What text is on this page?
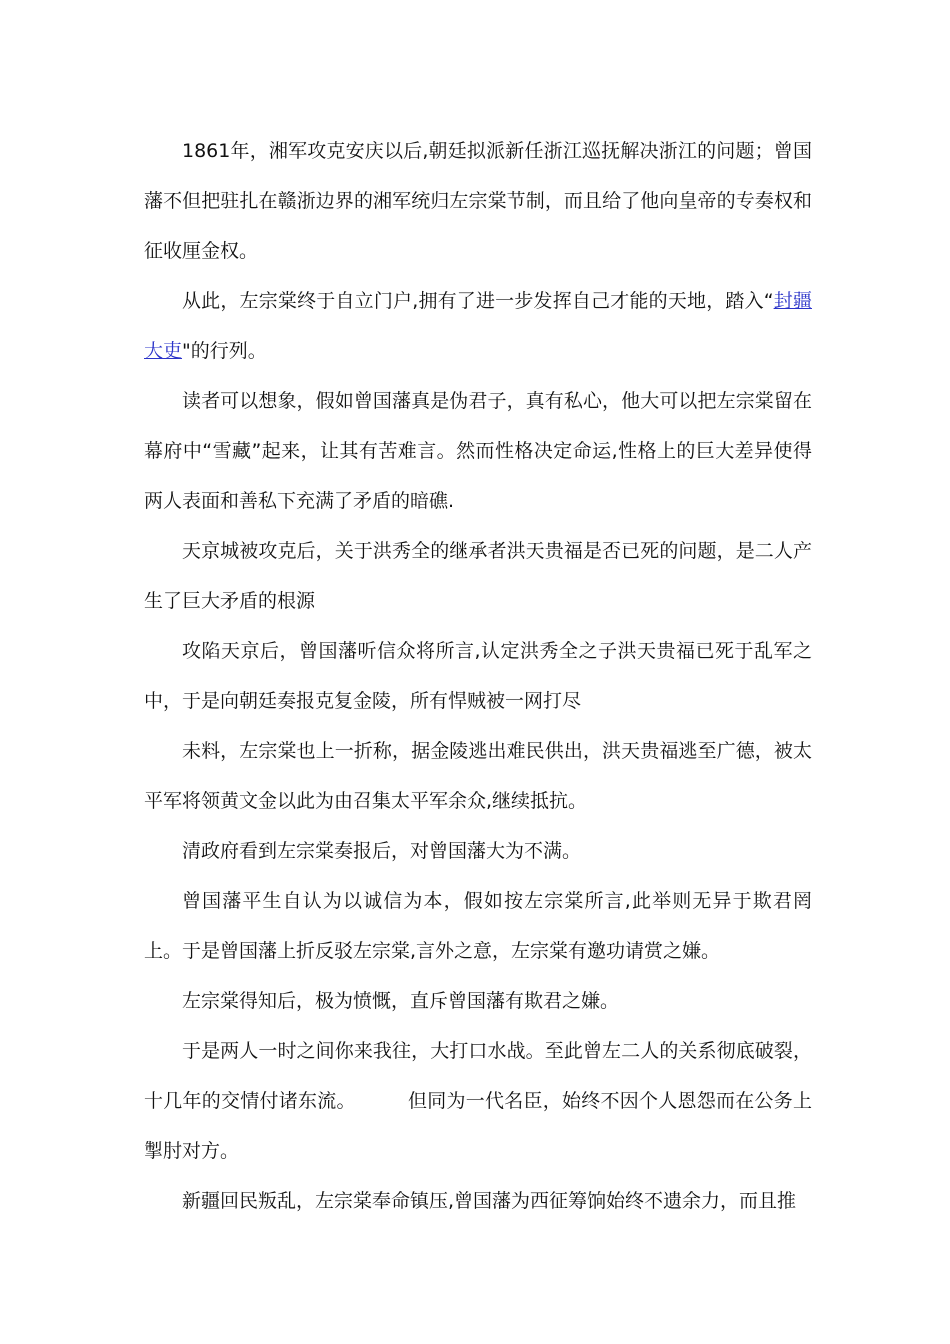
1861年，湘军攻克安庆以后,朝廷拟派新任浙江巡抚解决浙江的问题；曾国藩不但把驻扎在赣浙边界的湘军统归左宗棠节制，而且给了他向皇帝的专奏权和征收厘金权。

从此，左宗棠终于自立门户,拥有了进一步发挥自己才能的天地，踏入“封疆大吏"的行列。

读者可以想象，假如曾国藩真是伪君子，真有私心，他大可以把左宗棠留在幕府中“雪藏”起来，让其有苦难言。然而性格决定命运,性格上的巨大差异使得两人表面和善私下充满了矛盾的暗礁.

天京城被攻克后，关于洪秀全的继承者洪天贵福是否已死的问题，是二人产生了巨大矛盾的根源

攻陷天京后，曾国藩听信众将所言,认定洪秀全之子洪天贵福已死于乱军之中，于是向朝廷奏报克复金陵，所有悍贼被一网打尽

未料，左宗棠也上一折称，据金陵逃出难民供出，洪天贵福逃至广德，被太平军将领黄文金以此为由召集太平军余众,继续抵抗。

清政府看到左宗棠奏报后，对曾国藩大为不满。

曾国藩平生自认为以诚信为本，假如按左宗棠所言,此举则无异于欺君罔上。于是曾国藩上折反驳左宗棠,言外之意，左宗棠有邀功请赏之嫌。

左宗棠得知后，极为愤慨，直斥曾国藩有欺君之嫌。

于是两人一时之间你来我往，大打口水战。至此曾左二人的关系彻底破裂，十几年的交情付诸东流。	但同为一代名臣，始终不因个人恩怨而在公务上掣肘对方。

新疆回民叛乱，左宗棠奉命镇压,曾国藩为西征筹饷始终不遗余力，而且推
